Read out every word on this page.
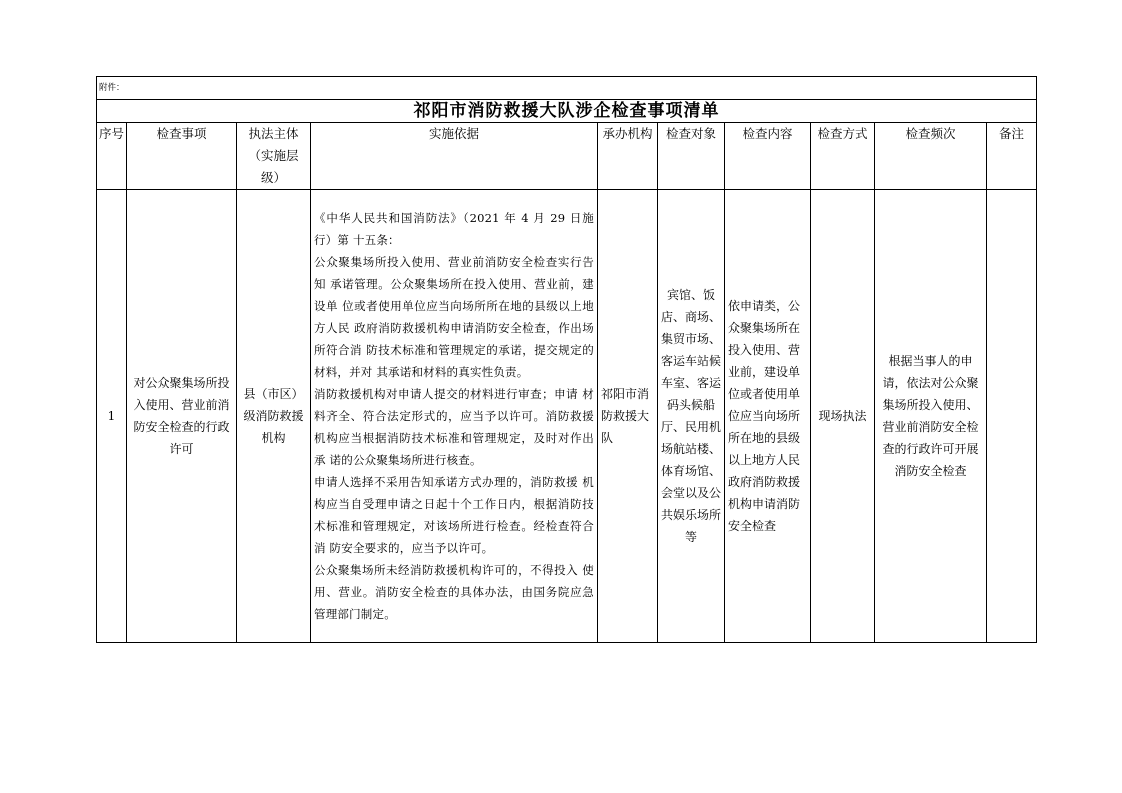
附件：									
祁阳市消防救援大队涉企检查事项清单									
序号	检查事项	执法主体
（实施层
级）	实施依据	承办机构	检查对象	检查内容	检查方式	检查频次	备注

1	对公众聚集场所投入使用、营业前消防安全检查的行政许可	县（市区）级消防救援机构	《中华人民共和国消防法》（2021 年 4 月 29 日施行）第 十五条：
公众聚集场所投入使用、营业前消防安全检查实行告知 承诺管理。公众聚集场所在投入使用、营业前，建设单 位或者使用单位应当向场所所在地的县级以上地方人民 政府消防救援机构申请消防安全检查，作出场所符合消 防技术标准和管理规定的承诺，提交规定的材料，并对 其承诺和材料的真实性负责。
消防救援机构对申请人提交的材料进行审查；申请 材料齐全、符合法定形式的，应当予以许可。消防救援 机构应当根据消防技术标准和管理规定，及时对作出承 诺的公众聚集场所进行核查。
申请人选择不采用告知承诺方式办理的，消防救援 机构应当自受理申请之日起十个工作日内，根据消防技 术标准和管理规定，对该场所进行检查。经检查符合消 防安全要求的，应当予以许可。
公众聚集场所未经消防救援机构许可的，不得投入 使用、营业。消防安全检查的具体办法，由国务院应急 管理部门制定。	祁阳市消防救援大队	宾馆、饭店、商场、集贸市场、客运车站候车室、客运码头候船厅、民用机场航站楼、体育场馆、会堂以及公共娱乐场所等	依申请类，公众聚集场所在投入使用、营业前，建设单位或者使用单位应当向场所所在地的县级以上地方人民政府消防救援机构申请消防安全检查	现场执法	根据当事人的申请，依法对公众聚集场所投入使用、营业前消防安全检查的行政许可开展消防安全检查	
